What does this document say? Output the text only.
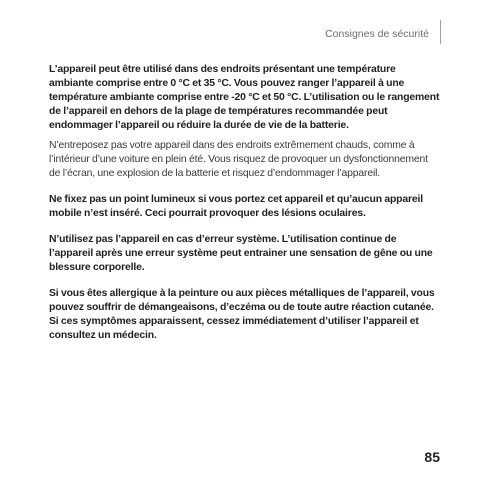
Consignes de sécurité

L’appareil peut être utilisé dans des endroits présentant une température ambiante comprise entre 0 °C et 35 °C. Vous pouvez ranger l’appareil à une température ambiante comprise entre -20 °C et 50 °C. L’utilisation ou le rangement de l’appareil en dehors de la plage de températures recommandée peut endommager l’appareil ou réduire la durée de vie de la batterie.

N’entreposez pas votre appareil dans des endroits extrêmement chauds, comme à l’intérieur d’une voiture en plein été. Vous risquez de provoquer un dysfonctionnement de l’écran, une explosion de la batterie et risquez d’endommager l’appareil.

Ne fixez pas un point lumineux si vous portez cet appareil et qu’aucun appareil mobile n’est inséré. Ceci pourrait provoquer des lésions oculaires.

N’utilisez pas l’appareil en cas d’erreur système. L’utilisation continue de l’appareil après une erreur système peut entrainer une sensation de gêne ou une blessure corporelle.

Si vous êtes allergique à la peinture ou aux pièces métalliques de l’appareil, vous pouvez souffrir de démangeaisons, d’eczéma ou de toute autre réaction cutanée. Si ces symptômes apparaissent, cessez immédiatement d’utiliser l’appareil et consultez un médecin.

85
